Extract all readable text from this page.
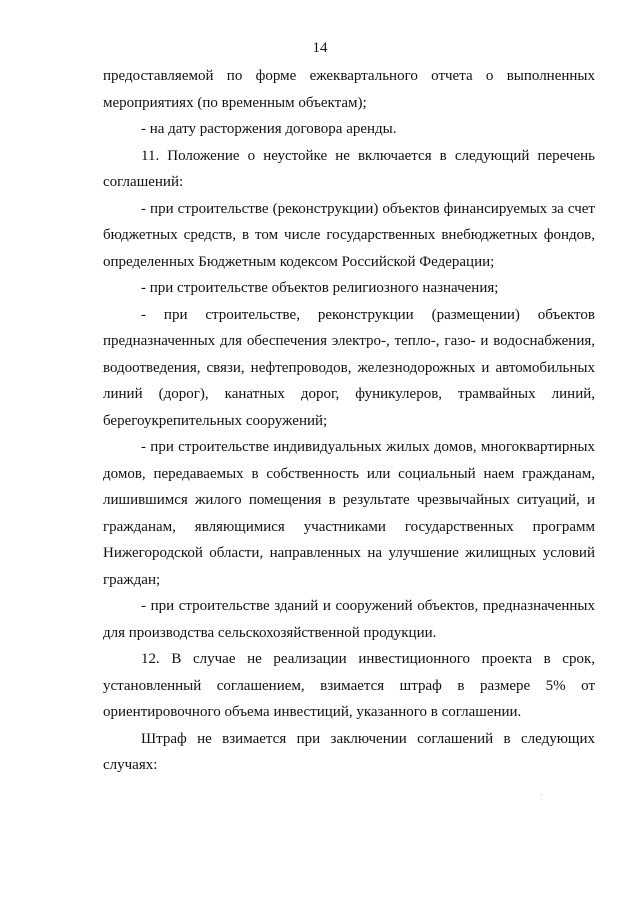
14

предоставляемой по форме ежеквартального отчета о выполненных мероприятиях (по временным объектам);

- на дату расторжения договора аренды.

11. Положение о неустойке не включается в следующий перечень соглашений:

- при строительстве (реконструкции) объектов финансируемых за счет бюджетных средств, в том числе государственных внебюджетных фондов, определенных Бюджетным кодексом Российской Федерации;

- при строительстве объектов религиозного назначения;

- при строительстве, реконструкции (размещении) объектов предназначенных для обеспечения электро-, тепло-, газо- и водоснабжения, водоотведения, связи, нефтепроводов, железнодорожных и автомобильных линий (дорог), канатных дорог, фуникулеров, трамвайных линий, берегоукрепительных сооружений;

- при строительстве индивидуальных жилых домов, многоквартирных домов, передаваемых в собственность или социальный наем гражданам, лишившимся жилого помещения в результате чрезвычайных ситуаций, и гражданам, являющимися участниками государственных программ Нижегородской области, направленных на улучшение жилищных условий граждан;

- при строительстве зданий и сооружений объектов, предназначенных для производства сельскохозяйственной продукции.

12. В случае не реализации инвестиционного проекта в срок, установленный соглашением, взимается штраф в размере 5% от ориентировочного объема инвестиций, указанного в соглашении.

Штраф не взимается при заключении соглашений в следующих случаях:
